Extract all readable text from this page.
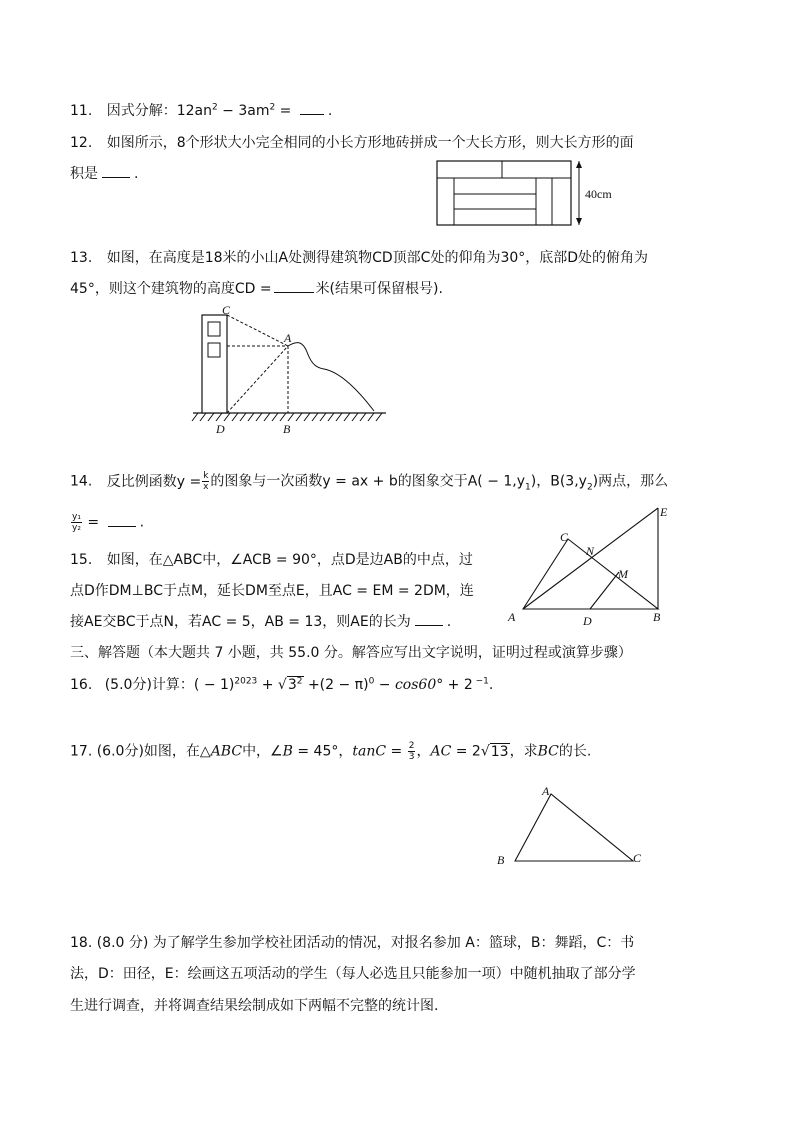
11. 因式分解：$12an^2 - 3am^2$ = .
12. 如图所示，8个形状大小完全相同的小长方形地砖拼成一个大长方形，则大长方形的面
积是	.
40cm
13. 如图，在高度是18米的小山A处测得建筑物CD顶部C处的仰角为30°，底部D处的俯角为
45°，则这个建筑物的高度CD =	米(结果可保留根号).
C
A
D	B
14. 反比例函数$y = \frac{k}{x}$ 的图象与一次函数y = ax + b的图象交于$A( - 1,y_1)$，$B(3,y_2)$两点，那么
$\frac{\text{y₁}}{\text{y₂}}$ =	.
15. 如图，在△ABC中，∠ACB = 90°，点D是边AB的中点，过
点D作DM⊥BC于点M，延长DM至点E，且AC = EM = 2DM，连
接AE交BC于点N，若AC = 5，AB = 13，则AE的长为	.
C
N
M
E
A	D	B
三、解答题（本大题共 7 小题，共 55.0 分。解答应写出文字说明，证明过程或演算步骤）
16. (5.0分)计算：( − $1)^{2023} + √3^2 +(2 - \pi)^0 - \cos 60^\circ + 2$ $^{-1}$.
17. (6.0分)如图，在△ABC中，∠B = 45°，$\tan C = \frac{2}{3}$ ，AC = 2√13，求BC的长.
A
B	C
18. (8.0 分) 为了解学生参加学校社团活动的情况，对报名参加 A：篮球，B：舞蹈，C：书
法，D：田径，E：绘画这五项活动的学生（每人必选且只能参加一项）中随机抽取了部分学
生进行调查，并将调查结果绘制成如下两幅不完整的统计图.
